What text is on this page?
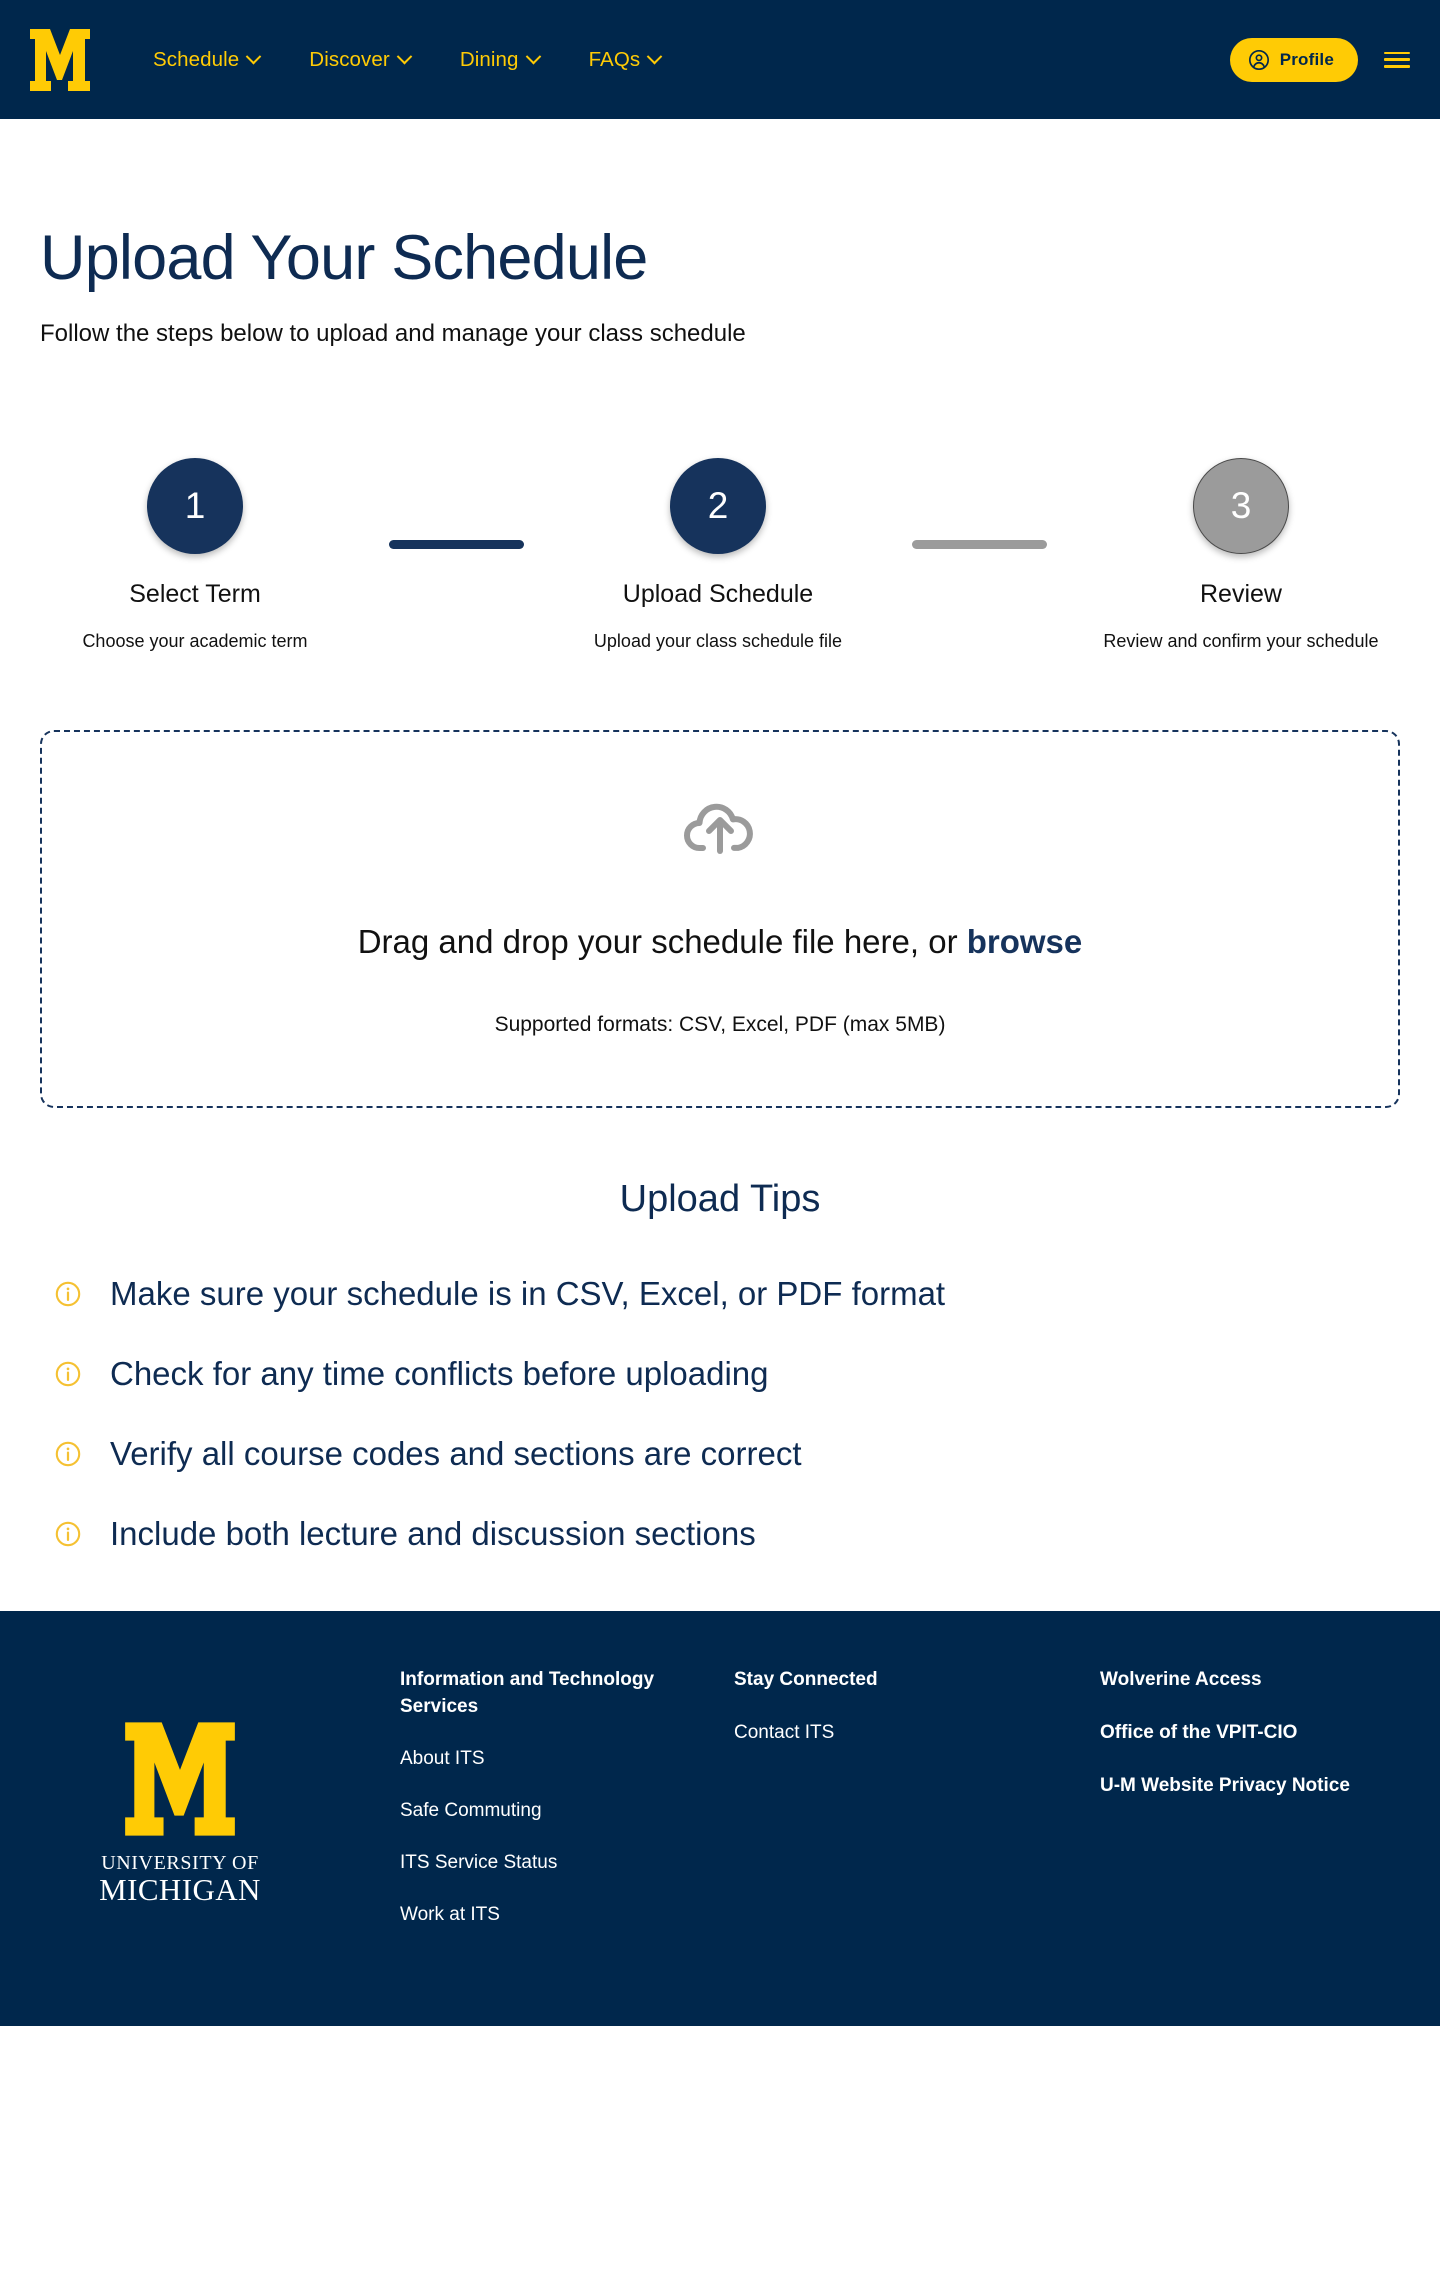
Schedule	Discover	Dining	FAQs	Profile
Upload Your Schedule

Follow the steps below to upload and manage your class schedule

1
Select Term
Choose your academic term
2
Upload Schedule
Upload your class schedule file
3
Review
Review and confirm your schedule
Drag and drop your schedule file here, or browse
Supported formats: CSV, Excel, PDF (max 5MB)
Upload Tips
Make sure your schedule is in CSV, Excel, or PDF format
Check for any time conflicts before uploading
Verify all course codes and sections are correct
Include both lecture and discussion sections
UNIVERSITY OF
MICHIGAN
Information and Technology Services
About ITS
Safe Commuting
ITS Service Status
Work at ITS
Stay Connected
Contact ITS
Wolverine Access
Office of the VPIT-CIO
U-M Website Privacy Notice
